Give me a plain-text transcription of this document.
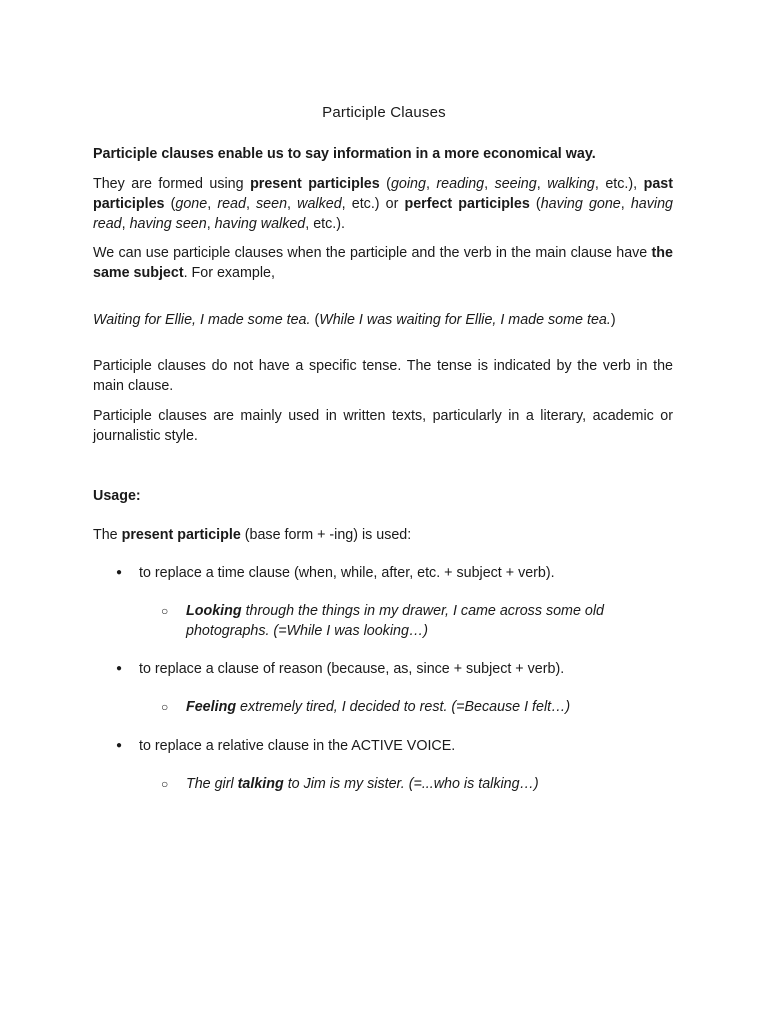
Participle Clauses

Participle clauses enable us to say information in a more economical way.

They are formed using present participles (going, reading, seeing, walking, etc.), past participles (gone, read, seen, walked, etc.) or perfect participles (having gone, having read, having seen, having walked, etc.).

We can use participle clauses when the participle and the verb in the main clause have the same subject. For example,

Waiting for Ellie, I made some tea. (While I was waiting for Ellie, I made some tea.)

Participle clauses do not have a specific tense. The tense is indicated by the verb in the main clause.

Participle clauses are mainly used in written texts, particularly in a literary, academic or journalistic style.

Usage:

The present participle (base form + -ing) is used:

● to replace a time clause (when, while, after, etc. + subject + verb).
○ Looking through the things in my drawer, I came across some old photographs. (=While I was looking…)
● to replace a clause of reason (because, as, since + subject + verb).
○ Feeling extremely tired, I decided to rest. (=Because I felt…)
● to replace a relative clause in the ACTIVE VOICE.
○ The girl talking to Jim is my sister. (=...who is talking…)
